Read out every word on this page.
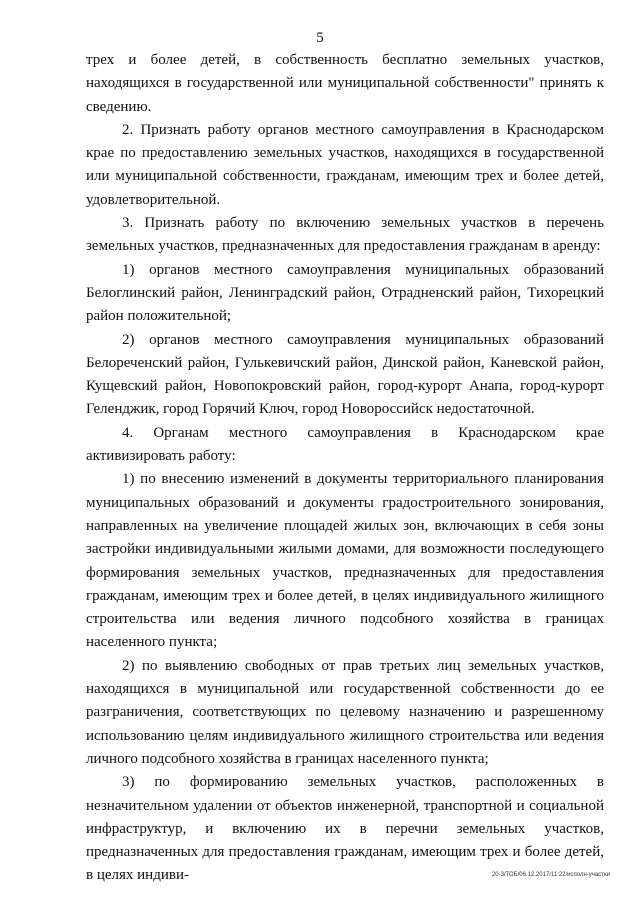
5

трех и более детей, в собственность бесплатно земельных участков, находящихся в государственной или муниципальной собственности" принять к сведению.

2. Признать работу органов местного самоуправления в Краснодарском крае по предоставлению земельных участков, находящихся в государственной или муниципальной собственности, гражданам, имеющим трех и более детей, удовлетворительной.

3. Признать работу по включению земельных участков в перечень земельных участков, предназначенных для предоставления гражданам в аренду:

1) органов местного самоуправления муниципальных образований Белоглинский район, Ленинградский район, Отрадненский район, Тихорецкий район положительной;

2) органов местного самоуправления муниципальных образований Белореченский район, Гулькевичский район, Динской район, Каневской район, Кущевский район, Новопокровский район, город-курорт Анапа, город-курорт Геленджик, город Горячий Ключ, город Новороссийск недостаточной.

4. Органам местного самоуправления в Краснодарском крае активизировать работу:

1) по внесению изменений в документы территориального планирования муниципальных образований и документы градостроительного зонирования, направленных на увеличение площадей жилых зон, включающих в себя зоны застройки индивидуальными жилыми домами, для возможности последующего формирования земельных участков, предназначенных для предоставления гражданам, имеющим трех и более детей, в целях индивидуального жилищного строительства или ведения личного подсобного хозяйства в границах населенного пункта;

2) по выявлению свободных от прав третьих лиц земельных участков, находящихся в муниципальной или государственной собственности до ее разграничения, соответствующих по целевому назначению и разрешенному использованию целям индивидуального жилищного строительства или ведения личного подсобного хозяйства в границах населенного пункта;

3) по формированию земельных участков, расположенных в незначительном удалении от объектов инженерной, транспортной и социальной инфраструктур, и включению их в перечни земельных участков, предназначенных для предоставления гражданам, имеющим трех и более детей, в целях индиви-	20-3/ТОБ/06.12.2017/11:22/исполн-участки
